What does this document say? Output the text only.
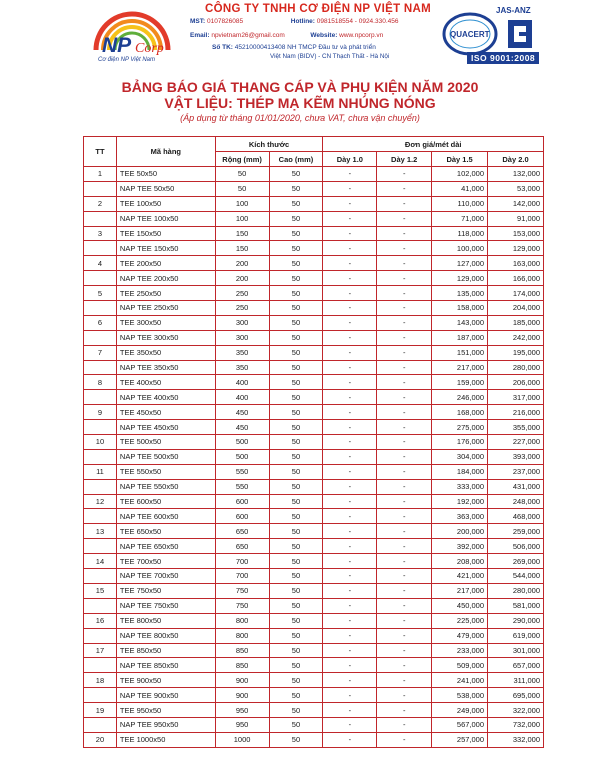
NP Corp
Cơ điện NP Việt Nam
CÔNG TY TNHH CƠ ĐIỆN NP VIỆT NAM
MST: 0107826085	Hotline: 0981518554 - 0924.330.456
Email: npvietnam26@gmail.com	Website: www.npcorp.vn
Số TK: 45210000413408 NH TMCP Đầu tư và phát triển
Việt Nam (BIDV) - CN Thạch Thất - Hà Nội
QUACERT
JAS-ANZ
ISO 9001:2008
BẢNG BÁO GIÁ THANG CÁP VÀ PHỤ KIỆN NĂM 2020
VẬT LIỆU: THÉP MẠ KẼM NHÚNG NÓNG
(Áp dụng từ tháng 01/01/2020, chưa VAT, chưa vận chuyển)
TT	Mã hàng	Kích thước		Đơn giá/mét dài			
		Rộng (mm)	Cao (mm)	Dày 1.0	Dày 1.2	Dày 1.5	Dày 2.0
1	TEE 50x50	50	50	-	-	102,000	132,000
	NAP TEE 50x50	50	50	-	-	41,000	53,000
2	TEE 100x50	100	50	-	-	110,000	142,000
	NAP TEE 100x50	100	50	-	-	71,000	91,000
3	TEE 150x50	150	50	-	-	118,000	153,000
	NAP TEE 150x50	150	50	-	-	100,000	129,000
4	TEE 200x50	200	50	-	-	127,000	163,000
	NAP TEE 200x50	200	50	-	-	129,000	166,000
5	TEE 250x50	250	50	-	-	135,000	174,000
	NAP TEE 250x50	250	50	-	-	158,000	204,000
6	TEE 300x50	300	50	-	-	143,000	185,000
	NAP TEE 300x50	300	50	-	-	187,000	242,000
7	TEE 350x50	350	50	-	-	151,000	195,000
	NAP TEE 350x50	350	50	-	-	217,000	280,000
8	TEE 400x50	400	50	-	-	159,000	206,000
	NAP TEE 400x50	400	50	-	-	246,000	317,000
9	TEE 450x50	450	50	-	-	168,000	216,000
	NAP TEE 450x50	450	50	-	-	275,000	355,000
10	TEE 500x50	500	50	-	-	176,000	227,000
	NAP TEE 500x50	500	50	-	-	304,000	393,000
11	TEE 550x50	550	50	-	-	184,000	237,000
	NAP TEE 550x50	550	50	-	-	333,000	431,000
12	TEE 600x50	600	50	-	-	192,000	248,000
	NAP TEE 600x50	600	50	-	-	363,000	468,000
13	TEE 650x50	650	50	-	-	200,000	259,000
	NAP TEE 650x50	650	50	-	-	392,000	506,000
14	TEE 700x50	700	50	-	-	208,000	269,000
	NAP TEE 700x50	700	50	-	-	421,000	544,000
15	TEE 750x50	750	50	-	-	217,000	280,000
	NAP TEE 750x50	750	50	-	-	450,000	581,000
16	TEE 800x50	800	50	-	-	225,000	290,000
	NAP TEE 800x50	800	50	-	-	479,000	619,000
17	TEE 850x50	850	50	-	-	233,000	301,000
	NAP TEE 850x50	850	50	-	-	509,000	657,000
18	TEE 900x50	900	50	-	-	241,000	311,000
	NAP TEE 900x50	900	50	-	-	538,000	695,000
19	TEE 950x50	950	50	-	-	249,000	322,000
	NAP TEE 950x50	950	50	-	-	567,000	732,000
20	TEE 1000x50	1000	50	-	-	257,000	332,000
